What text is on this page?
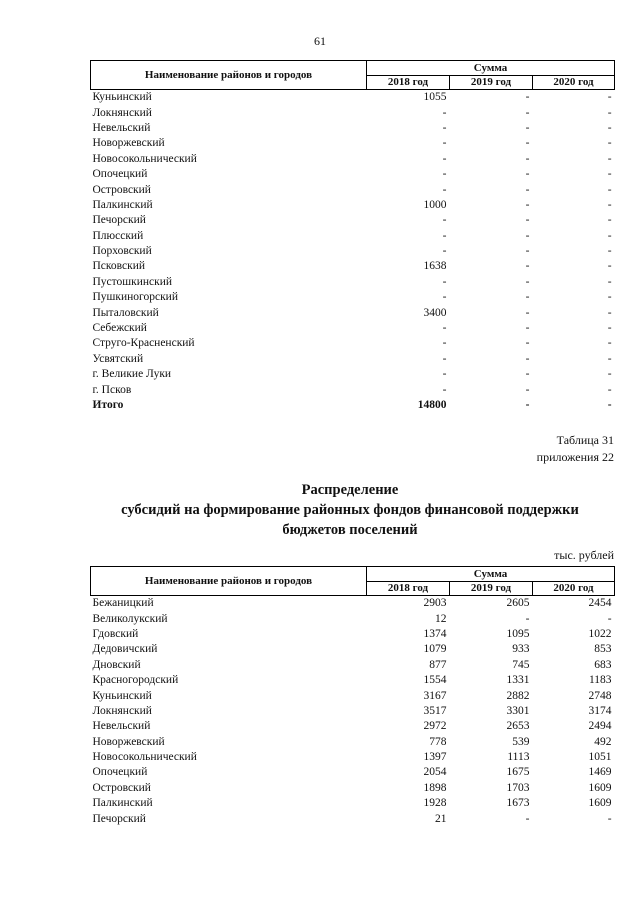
61
Наименование районов и городов	Сумма		
	2018 год	2019 год	2020 год
Куньинский	1055	-	-
Локнянский	-	-	-
Невельский	-	-	-
Новоржевский	-	-	-
Новосокольнический	-	-	-
Опочецкий	-	-	-
Островский	-	-	-
Палкинский	1000	-	-
Печорский	-	-	-
Плюсский	-	-	-
Порховский	-	-	-
Псковский	1638	-	-
Пустошкинский	-	-	-
Пушкиногорский	-	-	-
Пыталовский	3400	-	-
Себежский	-	-	-
Струго-Красненский	-	-	-
Усвятский	-	-	-
г. Великие Луки	-	-	-
г. Псков	-	-	-
Итого	14800	-	-
Таблица 31
приложения 22
Распределение
субсидий на формирование районных фондов финансовой поддержки
бюджетов поселений
тыс. рублей
Наименование районов и городов	Сумма		
	2018 год	2019 год	2020 год
Бежаницкий	2903	2605	2454
Великолукский	12	-	-
Гдовский	1374	1095	1022
Дедовичский	1079	933	853
Дновский	877	745	683
Красногородский	1554	1331	1183
Куньинский	3167	2882	2748
Локнянский	3517	3301	3174
Невельский	2972	2653	2494
Новоржевский	778	539	492
Новосокольнический	1397	1113	1051
Опочецкий	2054	1675	1469
Островский	1898	1703	1609
Палкинский	1928	1673	1609
Печорский	21	-	-
